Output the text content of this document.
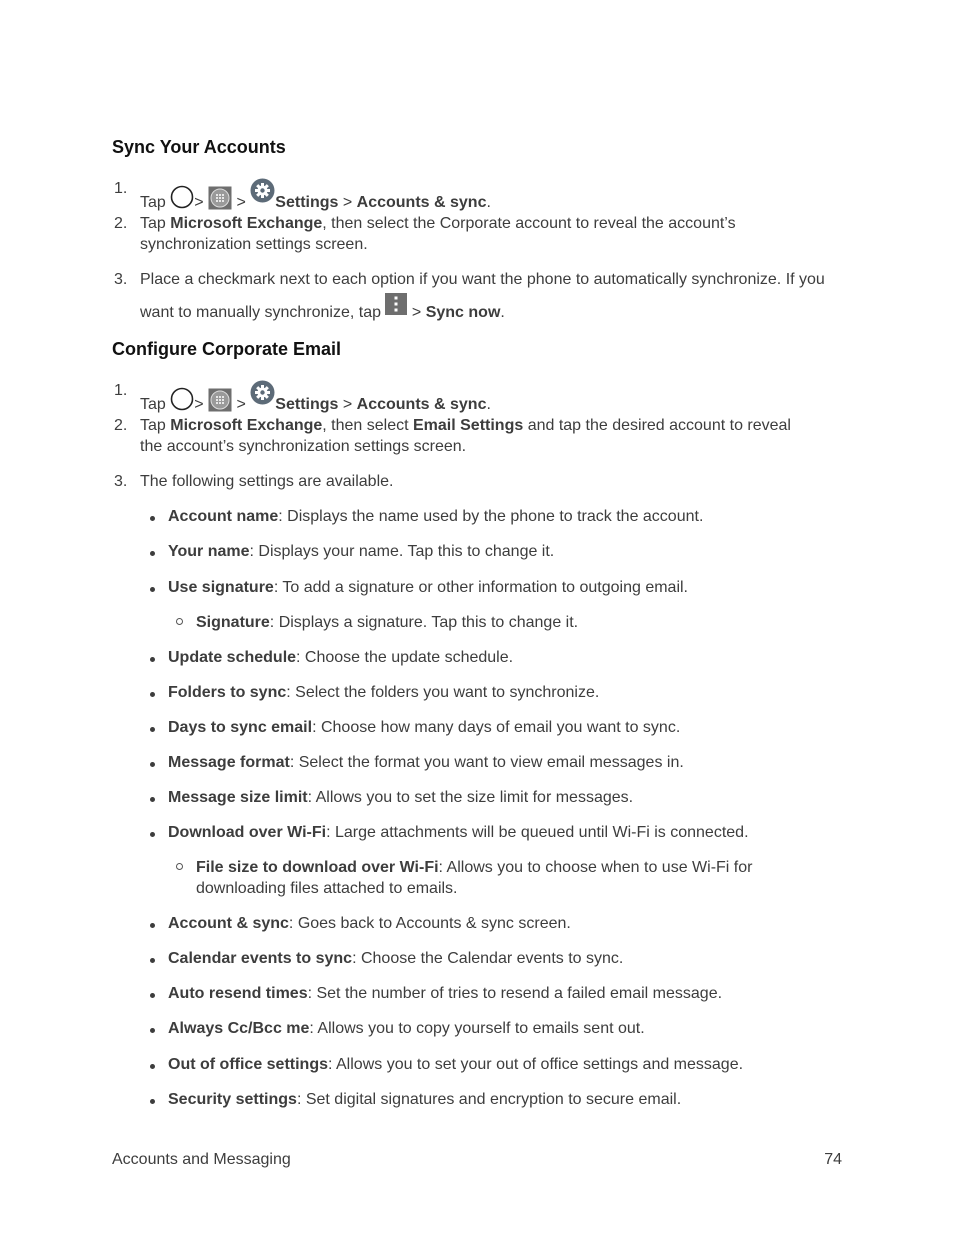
Sync Your Accounts
1.
Tap > > Settings > Accounts & sync.
2. Tap Microsoft Exchange, then select the Corporate account to reveal the account’s
synchronization settings screen.
3. Place a checkmark next to each option if you want the phone to automatically synchronize. If you
want to manually synchronize, tap  > Sync now.
Configure Corporate Email
1.
Tap > > Settings > Accounts & sync.
2. Tap Microsoft Exchange, then select Email Settings and tap the desired account to reveal
the account’s synchronization settings screen.
3. The following settings are available.
Account name: Displays the name used by the phone to track the account.
Your name: Displays your name. Tap this to change it.
Use signature: To add a signature or other information to outgoing email.
Signature: Displays a signature. Tap this to change it.
Update schedule: Choose the update schedule.
Folders to sync: Select the folders you want to synchronize.
Days to sync email: Choose how many days of email you want to sync.
Message format: Select the format you want to view email messages in.
Message size limit: Allows you to set the size limit for messages.
Download over Wi-Fi: Large attachments will be queued until Wi-Fi is connected.
File size to download over Wi-Fi: Allows you to choose when to use Wi-Fi for
downloading files attached to emails.
Account & sync: Goes back to Accounts & sync screen.
Calendar events to sync: Choose the Calendar events to sync.
Auto resend times: Set the number of tries to resend a failed email message.
Always Cc/Bcc me: Allows you to copy yourself to emails sent out.
Out of office settings: Allows you to set your out of office settings and message.
Security settings: Set digital signatures and encryption to secure email.
Accounts and Messaging	74
